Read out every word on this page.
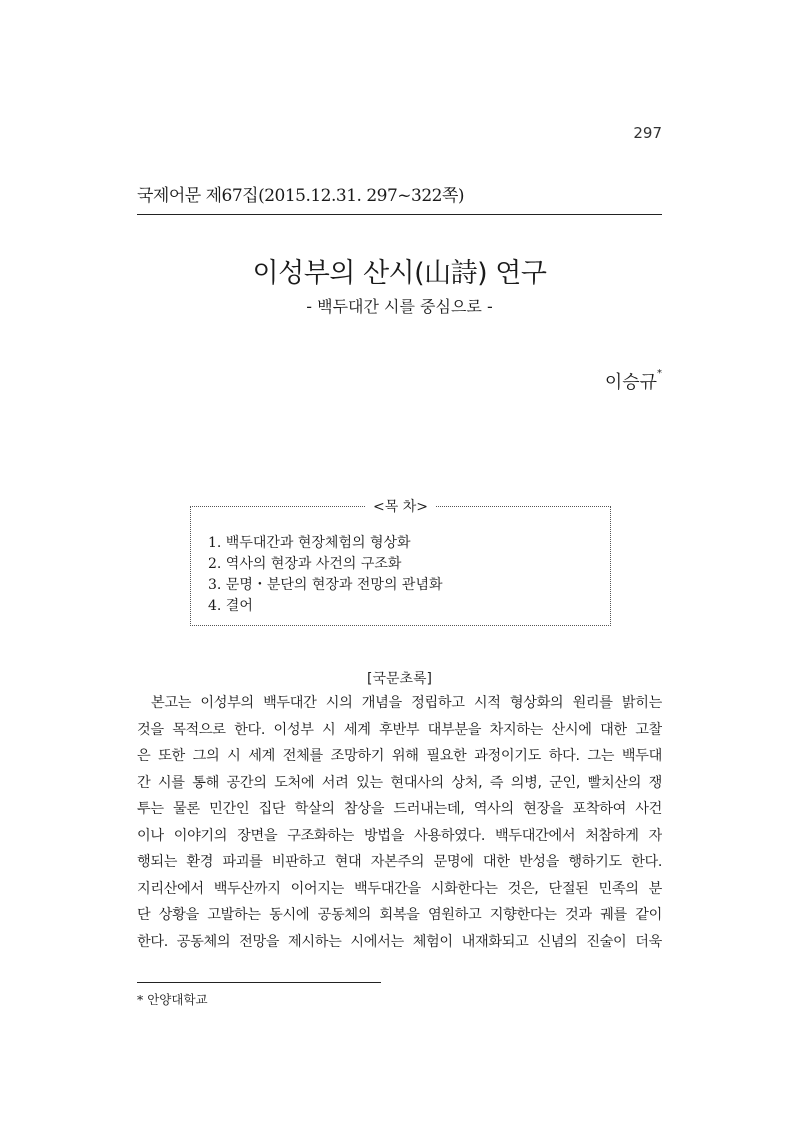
297
국제어문 제67집(2015.12.31. 297~322쪽)
이성부의 산시(山詩) 연구
- 백두대간 시를 중심으로 -
이승규*
<목 차>
1. 백두대간과 현장체험의 형상화
2. 역사의 현장과 사건의 구조화
3. 문명・분단의 현장과 전망의 관념화
4. 결어
[국문초록]
본고는 이성부의 백두대간 시의 개념을 정립하고 시적 형상화의 원리를 밝히는
것을 목적으로 한다. 이성부 시 세계 후반부 대부분을 차지하는 산시에 대한 고찰
은 또한 그의 시 세계 전체를 조망하기 위해 필요한 과정이기도 하다. 그는 백두대
간 시를 통해 공간의 도처에 서려 있는 현대사의 상처, 즉 의병, 군인, 빨치산의 쟁
투는 물론 민간인 집단 학살의 참상을 드러내는데, 역사의 현장을 포착하여 사건
이나 이야기의 장면을 구조화하는 방법을 사용하였다. 백두대간에서 처참하게 자
행되는 환경 파괴를 비판하고 현대 자본주의 문명에 대한 반성을 행하기도 한다.
지리산에서 백두산까지 이어지는 백두대간을 시화한다는 것은, 단절된 민족의 분
단 상황을 고발하는 동시에 공동체의 회복을 염원하고 지향한다는 것과 궤를 같이
한다. 공동체의 전망을 제시하는 시에서는 체험이 내재화되고 신념의 진술이 더욱
* 안양대학교
